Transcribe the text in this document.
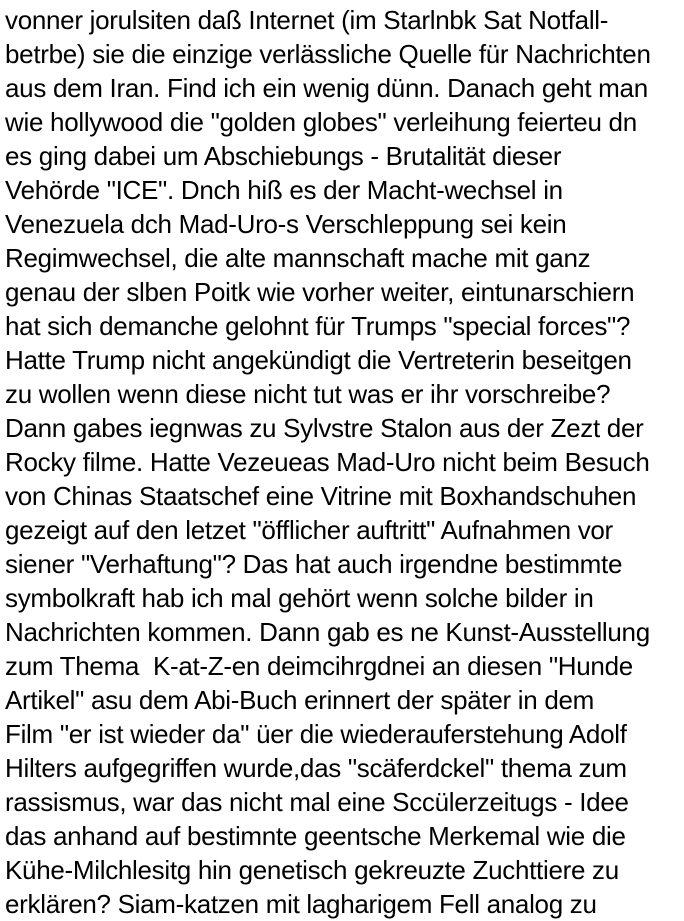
vonner jorulsiten daß Internet (im Starlnbk Sat Notfall-
betrbe) sie die einzige verlässliche Quelle für Nachrichten
aus dem Iran. Find ich ein wenig dünn. Danach geht man
wie hollywood die "golden globes" verleihung feierteu dn
es ging dabei um Abschiebungs - Brutalität dieser
Vehörde "ICE". Dnch hiß es der Macht-wechsel in
Venezuela dch Mad-Uro-s Verschleppung sei kein
Regimwechsel, die alte mannschaft mache mit ganz
genau der slben Poitk wie vorher weiter, eintunarschiern
hat sich demanche gelohnt für Trumps "special forces"?
Hatte Trump nicht angekündigt die Vertreterin beseitgen
zu wollen wenn diese nicht tut was er ihr vorschreibe?
Dann gabes iegnwas zu Sylvstre Stalon aus der Zezt der
Rocky filme. Hatte Vezeueas Mad-Uro nicht beim Besuch
von Chinas Staatschef eine Vitrine mit Boxhandschuhen
gezeigt auf den letzet "öfflicher auftritt" Aufnahmen vor
siener "Verhaftung"? Das hat auch irgendne bestimmte
symbolkraft hab ich mal gehört wenn solche bilder in
Nachrichten kommen. Dann gab es ne Kunst-Ausstellung
zum Thema  K-at-Z-en deimcihrgdnei an diesen "Hunde
Artikel" asu dem Abi-Buch erinnert der später in dem
Film "er ist wieder da" üer die wiederauferstehung Adolf
Hilters aufgegriffen wurde,das "scäferdckel" thema zum
rassismus, war das nicht mal eine Sccülerzeitugs - Idee
das anhand auf bestimnte geentsche Merkemal wie die
Kühe-Milchlesitg hin genetisch gekreuzte Zuchttiere zu
erklären? Siam-katzen mit lagharigem Fell analog zu
